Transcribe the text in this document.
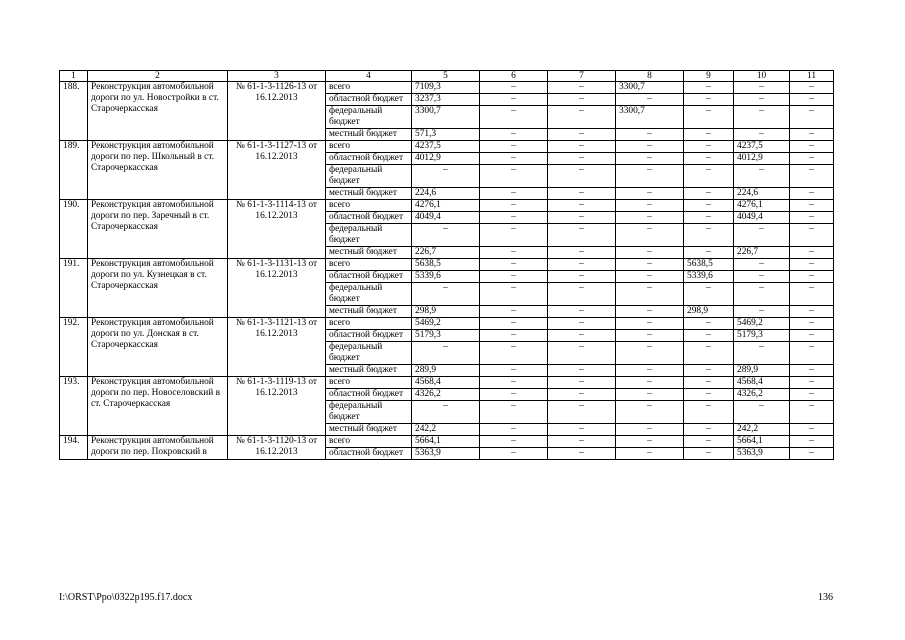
1	2	3	4	5	6	7	8	9	10	11
188.	Реконструкция автомобильной дороги по ул. Новостройки в ст. Старочеркасская	№ 61-1-3-1126-13 от 16.12.2013	всего	7109,3	–	–	3300,7	–	–	–
			областной бюджет	3237,3	–	–	–	–	–	–
			федеральный бюджет	3300,7	–	–	3300,7	–	–	–
			местный бюджет	571,3	–	–	–	–	–	–
189.	Реконструкция автомобильной дороги по пер. Школьный в ст. Старочеркасская	№ 61-1-3-1127-13 от 16.12.2013	всего	4237,5	–	–	–	–	4237,5	–
			областной бюджет	4012,9	–	–	–	–	4012,9	–
			федеральный бюджет	–	–	–	–	–	–	–
			местный бюджет	224,6	–	–	–	–	224,6	–
190.	Реконструкция автомобильной дороги по пер. Заречный в ст. Старочеркасская	№ 61-1-3-1114-13 от 16.12.2013	всего	4276,1	–	–	–	–	4276,1	–
			областной бюджет	4049,4	–	–	–	–	4049,4	–
			федеральный бюджет	–	–	–	–	–	–	–
			местный бюджет	226,7	–	–	–	–	226,7	–
191.	Реконструкция автомобильной дороги по ул. Кузнецкая в ст. Старочеркасская	№ 61-1-3-1131-13 от 16.12.2013	всего	5638,5	–	–	–	5638,5	–	–
			областной бюджет	5339,6	–	–	–	5339,6	–	–
			федеральный бюджет	–	–	–	–	–	–	–
			местный бюджет	298,9	–	–	–	298,9	–	–
192.	Реконструкция автомобильной дороги по ул. Донская в ст. Старочеркасская	№ 61-1-3-1121-13 от 16.12.2013	всего	5469,2	–	–	–	–	5469,2	–
			областной бюджет	5179,3	–	–	–	–	5179,3	–
			федеральный бюджет	–	–	–	–	–	–	–
			местный бюджет	289,9	–	–	–	–	289,9	–
193.	Реконструкция автомобильной дороги по пер. Новоселовский в ст. Старочеркасская	№ 61-1-3-1119-13 от 16.12.2013	всего	4568,4	–	–	–	–	4568,4	–
			областной бюджет	4326,2	–	–	–	–	4326,2	–
			федеральный бюджет	–	–	–	–	–	–	–
			местный бюджет	242,2	–	–	–	–	242,2	–
194.	Реконструкция автомобильной дороги по пер. Покровский в	№ 61-1-3-1120-13 от 16.12.2013	всего	5664,1	–	–	–	–	5664,1	–
			областной бюджет	5363,9	–	–	–	–	5363,9	–
I:\ORST\Ppo\0322p195.f17.docx	136
